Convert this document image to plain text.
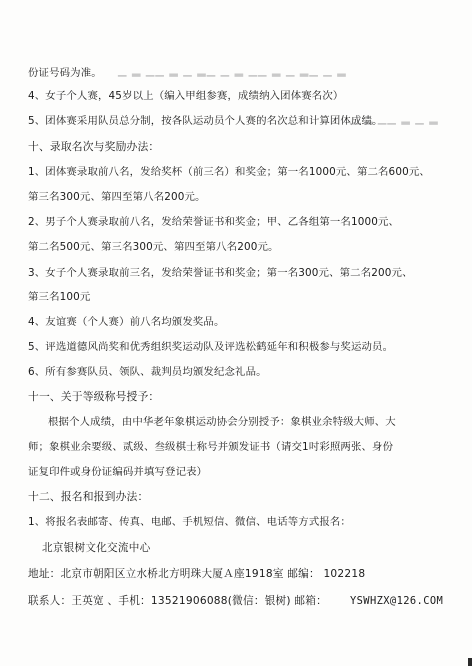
▁ ▂ ▁▁ ▂ ▁ ▂▁ ▁ ▂ ▁▁ ▂ ▁ ▂▁ ▁ ▂
▁ ▂ ▁▁ ▂ ▁ ▂
份证号码为准。
4、女子个人赛，45岁以上（编入甲组参赛，成绩纳入团体赛名次）
5、团体赛采用队员总分制，按各队运动员个人赛的名次总和计算团体成绩。
十、录取名次与奖励办法：
1、团体赛录取前八名，发给奖杯（前三名）和奖金；第一名1000元、第二名600元、
第三名300元、第四至第八名200元。
2、男子个人赛录取前八名，发给荣誉证书和奖金；甲、乙各组第一名1000元、
第二名500元、第三名300元、第四至第八名200元。
3、女子个人赛录取前三名，发给荣誉证书和奖金；第一名300元、第二名200元、
第三名100元
4、友谊赛（个人赛）前八名均颁发奖品。
5、评选道德风尚奖和优秀组织奖运动队及评选松鹤延年和积极参与奖运动员。
6、所有参赛队员、领队、裁判员均颁发纪念礼品。
十一、关于等级称号授予：
根据个人成绩，由中华老年象棋运动协会分别授予：象棋业余特级大师、大
师；象棋业余要级、贰级、叁级棋士称号并颁发证书（请交1吋彩照两张、身份
证复印件或身份证编码并填写登记表）
十二、报名和报到办法：
1、将报名表邮寄、传真、电邮、手机短信、微信、电话等方式报名：
北京银树文化交流中心
地址：北京市朝阳区立水桥北方明珠大厦Ａ座1918室 邮编： 102218
联系人：王英宽 、手机：13521906088(微信：银树) 邮箱： YSWHZX@126.COM
